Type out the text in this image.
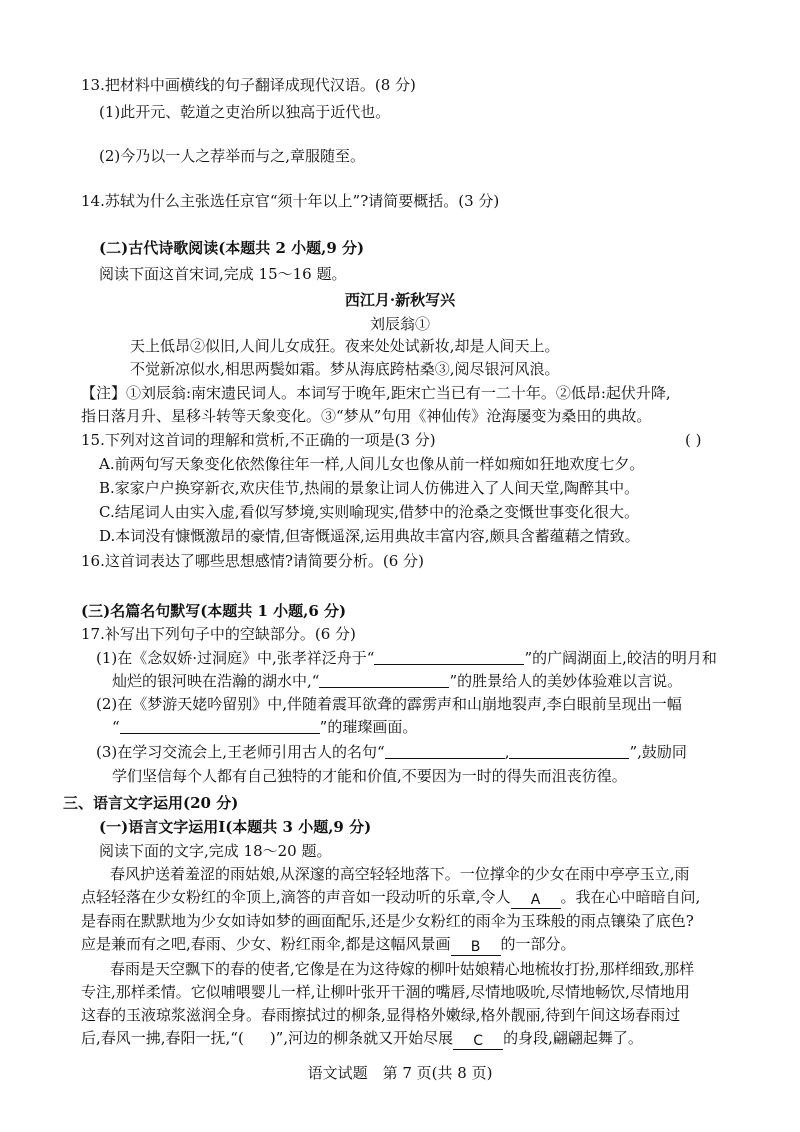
13.把材料中画横线的句子翻译成现代汉语。(8 分)

(1)此开元、乾道之吏治所以独高于近代也。

(2)今乃以一人之荐举而与之,章服随至。

14.苏轼为什么主张选任京官“须十年以上”?请简要概括。(3 分)

(二)古代诗歌阅读(本题共 2 小题,9 分)

阅读下面这首宋词,完成 15～16 题。

西江月·新秋写兴

刘辰翁①

天上低昂②似旧,人间儿女成狂。夜来处处试新妆,却是人间天上。

不觉新凉似水,相思两鬓如霜。梦从海底跨枯桑③,阅尽银河风浪。

【注】①刘辰翁:南宋遗民词人。本词写于晚年,距宋亡当已有一二十年。②低昂:起伏升降,

指日落月升、星移斗转等天象变化。③“梦从”句用《神仙传》沧海屡变为桑田的典故。

15.下列对这首词的理解和赏析,不正确的一项是(3 分)	( )

A.前两句写天象变化依然像往年一样,人间儿女也像从前一样如痴如狂地欢度七夕。

B.家家户户换穿新衣,欢庆佳节,热闹的景象让词人仿佛进入了人间天堂,陶醉其中。

C.结尾词人由实入虚,看似写梦境,实则喻现实,借梦中的沧桑之变慨世事变化很大。

D.本词没有慷慨激昂的豪情,但寄慨遥深,运用典故丰富内容,颇具含蓄蕴藉之情致。

16.这首词表达了哪些思想感情?请简要分析。(6 分)

(三)名篇名句默写(本题共 1 小题,6 分)

17.补写出下列句子中的空缺部分。(6 分)

(1)在《念奴娇·过洞庭》中,张孝祥泛舟于“	”的广阔湖面上,皎洁的明月和

灿烂的银河映在浩瀚的湖水中,“	”的胜景给人的美妙体验难以言说。

(2)在《梦游天姥吟留别》中,伴随着震耳欲聋的霹雳声和山崩地裂声,李白眼前呈现出一幅

“	”的璀璨画面。

(3)在学习交流会上,王老师引用古人的名句“	,	”,鼓励同

学们坚信每个人都有自己独特的才能和价值,不要因为一时的得失而沮丧彷徨。

三、语言文字运用(20 分)

(一)语言文字运用Ⅰ(本题共 3 小题,9 分)

阅读下面的文字,完成 18～20 题。

春风护送着羞涩的雨姑娘,从深邃的高空轻轻地落下。一位撑伞的少女在雨中亭亭玉立,雨

点轻轻落在少女粉红的伞顶上,滴答的声音如一段动听的乐章,令人 A 。我在心中暗暗自问,

是春雨在默默地为少女如诗如梦的画面配乐,还是少女粉红的雨伞为玉珠般的雨点镶染了底色?

应是兼而有之吧,春雨、少女、粉红雨伞,都是这幅风景画 B 的一部分。

春雨是天空飘下的春的使者,它像是在为这待嫁的柳叶姑娘精心地梳妆打扮,那样细致,那样

专注,那样柔情。它似哺喂婴儿一样,让柳叶张开干涸的嘴唇,尽情地吸吮,尽情地畅饮,尽情地用

这春的玉液琼浆滋润全身。春雨擦拭过的柳条,显得格外嫩绿,格外靓丽,待到午间这场春雨过

后,春风一拂,春阳一抚,“( )”,河边的柳条就又开始尽展 C 的身段,翩翩起舞了。

语文试题　第 7 页(共 8 页)
